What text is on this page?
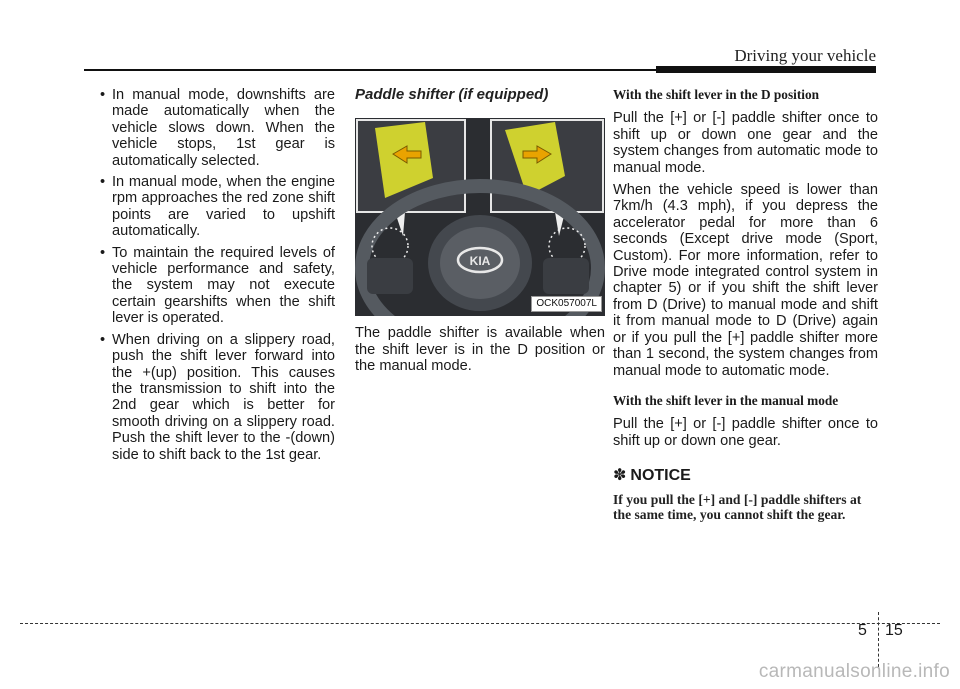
Driving your vehicle
• In manual mode, downshifts are made automatically when the vehicle slows down. When the vehicle stops, 1st gear is automatically selected.
• In manual mode, when the engine rpm approaches the red zone shift points are varied to upshift automatically.
• To maintain the required levels of vehicle performance and safety, the system may not execute certain gearshifts when the shift lever is operated.
• When driving on a slippery road, push the shift lever forward into the +(up) position. This causes the transmission to shift into the 2nd gear which is better for smooth driving on a slippery road. Push the shift lever to the -(down) side to shift back to the 1st gear.
Paddle shifter (if equipped)
KIA
OCK057007L

The paddle shifter is available when the shift lever is in the D position or the manual mode.

With the shift lever in the D position

Pull the [+] or [-] paddle shifter once to shift up or down one gear and the system changes from automatic mode to manual mode.

When the vehicle speed is lower than 7km/h (4.3 mph), if you depress the accelerator pedal for more than 6 seconds (Except drive mode (Sport, Custom). For more information, refer to Drive mode integrated control system in chapter 5) or if you shift the shift lever from D (Drive) to manual mode and shift it from manual mode to D (Drive) again or if you pull the [+] paddle shifter more than 1 second, the system changes from manual mode to automatic mode.

With the shift lever in the manual mode

Pull the [+] or [-] paddle shifter once to shift up or down one gear.

✽ NOTICE
If you pull the [+] and [-] paddle shifters at the same time, you cannot shift the gear.
5 15
carmanualsonline.info
